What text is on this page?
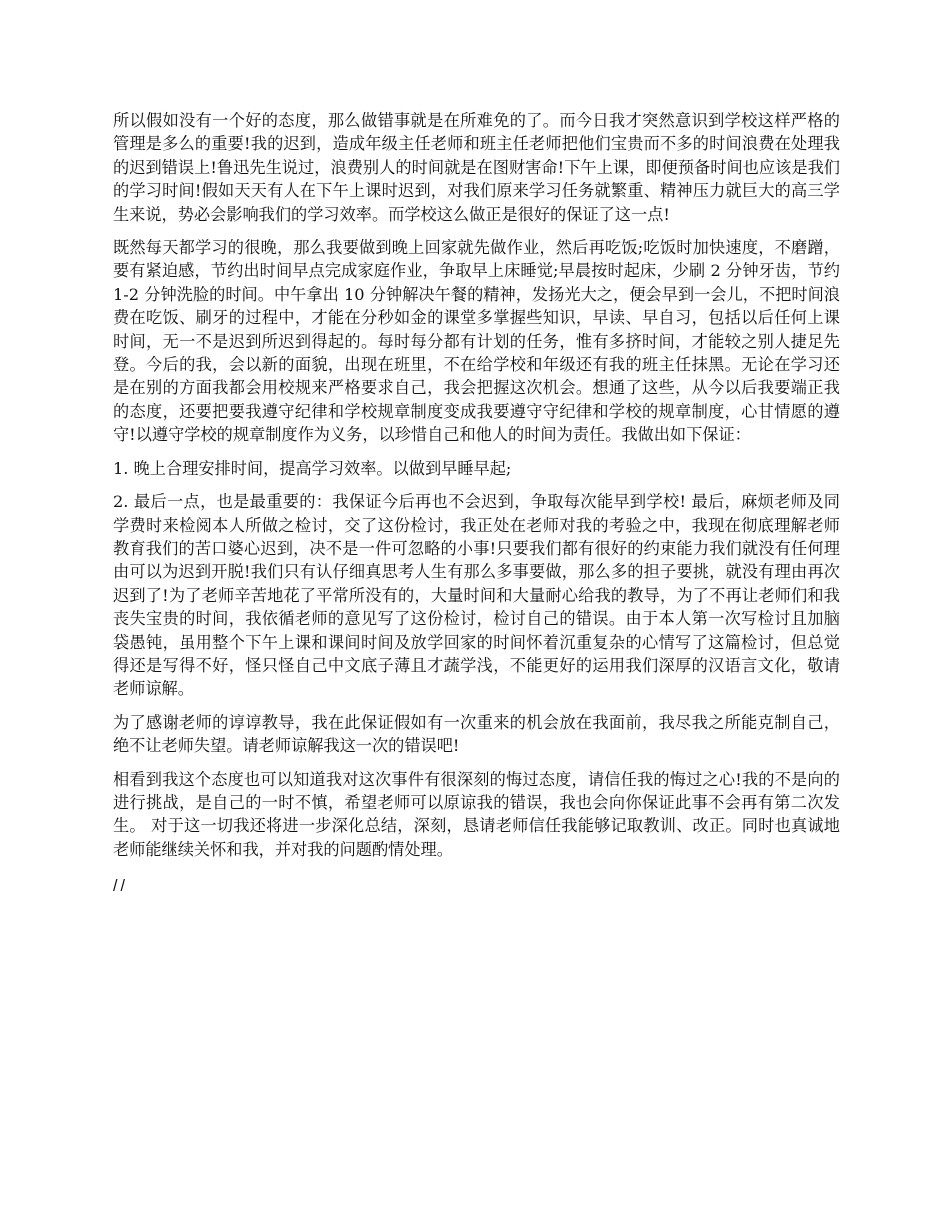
所以假如没有一个好的态度，那么做错事就是在所难免的了。而今日我才突然意识到学校这样严格的管理是多么的重要!我的迟到，造成年级主任老师和班主任老师把他们宝贵而不多的时间浪费在处理我的迟到错误上!鲁迅先生说过，浪费别人的时间就是在图财害命!下午上课，即便预备时间也应该是我们的学习时间!假如天天有人在下午上课时迟到，对我们原来学习任务就繁重、精神压力就巨大的高三学生来说，势必会影响我们的学习效率。而学校这么做正是很好的保证了这一点!

既然每天都学习的很晚，那么我要做到晚上回家就先做作业，然后再吃饭;吃饭时加快速度，不磨蹭，要有紧迫感，节约出时间早点完成家庭作业，争取早上床睡觉;早晨按时起床，少刷 2 分钟牙齿，节约 1-2 分钟洗脸的时间。中午拿出 10 分钟解决午餐的精神，发扬光大之，便会早到一会儿，不把时间浪费在吃饭、刷牙的过程中，才能在分秒如金的课堂多掌握些知识，早读、早自习，包括以后任何上课时间，无一不是迟到所迟到得起的。每时每分都有计划的任务，惟有多挤时间，才能较之别人捷足先登。今后的我，会以新的面貌，出现在班里，不在给学校和年级还有我的班主任抹黑。无论在学习还是在别的方面我都会用校规来严格要求自己，我会把握这次机会。想通了这些，从今以后我要端正我的态度，还要把要我遵守纪律和学校规章制度变成我要遵守守纪律和学校的规章制度，心甘情愿的遵守!以遵守学校的规章制度作为义务，以珍惜自己和他人的时间为责任。我做出如下保证：

1. 晚上合理安排时间，提高学习效率。以做到早睡早起;

2. 最后一点，也是最重要的：我保证今后再也不会迟到，争取每次能早到学校! 最后，麻烦老师及同学费时来检阅本人所做之检讨，交了这份检讨，我正处在老师对我的考验之中，我现在彻底理解老师教育我们的苦口婆心迟到，决不是一件可忽略的小事!只要我们都有很好的约束能力我们就没有任何理由可以为迟到开脱!我们只有认仔细真思考人生有那么多事要做，那么多的担子要挑，就没有理由再次迟到了!为了老师辛苦地花了平常所没有的，大量时间和大量耐心给我的教导，为了不再让老师们和我丧失宝贵的时间，我依循老师的意见写了这份检讨，检讨自己的错误。由于本人第一次写检讨且加脑袋愚钝，虽用整个下午上课和课间时间及放学回家的时间怀着沉重复杂的心情写了这篇检讨，但总觉得还是写得不好，怪只怪自己中文底子薄且才蔬学浅，不能更好的运用我们深厚的汉语言文化，敬请老师谅解。

为了感谢老师的谆谆教导，我在此保证假如有一次重来的机会放在我面前，我尽我之所能克制自己，绝不让老师失望。请老师谅解我这一次的错误吧!

相看到我这个态度也可以知道我对这次事件有很深刻的悔过态度，请信任我的悔过之心!我的不是向的进行挑战，是自己的一时不慎，希望老师可以原谅我的错误，我也会向你保证此事不会再有第二次发生。 对于这一切我还将进一步深化总结，深刻，恳请老师信任我能够记取教训、改正。同时也真诚地老师能继续关怀和我，并对我的问题酌情处理。

//
